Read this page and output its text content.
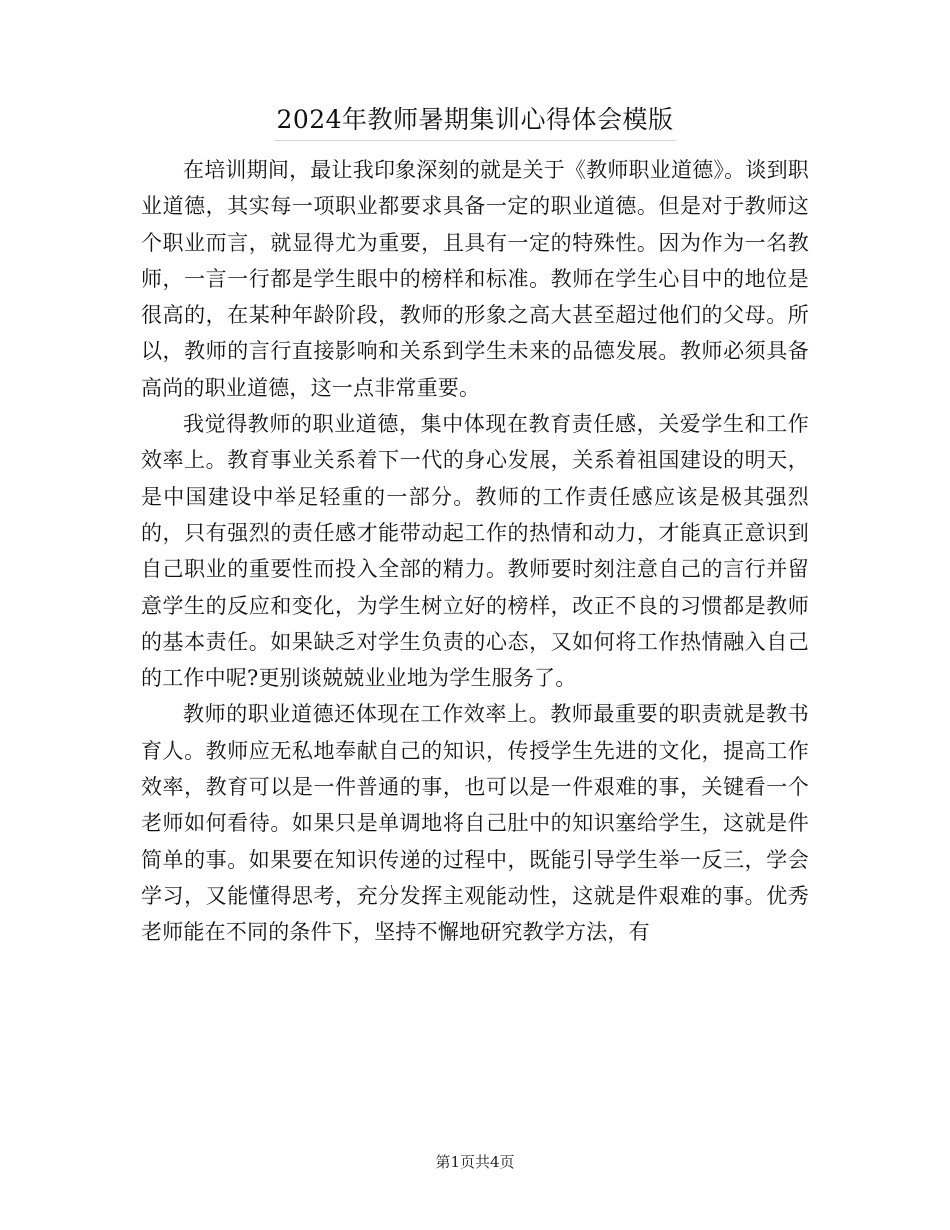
2024年教师暑期集训心得体会模版

在培训期间，最让我印象深刻的就是关于《教师职业道德》。谈到职业道德，其实每一项职业都要求具备一定的职业道德。但是对于教师这个职业而言，就显得尤为重要，且具有一定的特殊性。因为作为一名教师，一言一行都是学生眼中的榜样和标准。教师在学生心目中的地位是很高的，在某种年龄阶段，教师的形象之高大甚至超过他们的父母。所以，教师的言行直接影响和关系到学生未来的品德发展。教师必须具备高尚的职业道德，这一点非常重要。

我觉得教师的职业道德，集中体现在教育责任感，关爱学生和工作效率上。教育事业关系着下一代的身心发展，关系着祖国建设的明天，是中国建设中举足轻重的一部分。教师的工作责任感应该是极其强烈的，只有强烈的责任感才能带动起工作的热情和动力，才能真正意识到自己职业的重要性而投入全部的精力。教师要时刻注意自己的言行并留意学生的反应和变化，为学生树立好的榜样，改正不良的习惯都是教师的基本责任。如果缺乏对学生负责的心态，又如何将工作热情融入自己的工作中呢?更别谈兢兢业业地为学生服务了。

教师的职业道德还体现在工作效率上。教师最重要的职责就是教书育人。教师应无私地奉献自己的知识，传授学生先进的文化，提高工作效率，教育可以是一件普通的事，也可以是一件艰难的事，关键看一个老师如何看待。如果只是单调地将自己肚中的知识塞给学生，这就是件简单的事。如果要在知识传递的过程中，既能引导学生举一反三，学会学习，又能懂得思考，充分发挥主观能动性，这就是件艰难的事。优秀老师能在不同的条件下，坚持不懈地研究教学方法，有

第1页共4页
